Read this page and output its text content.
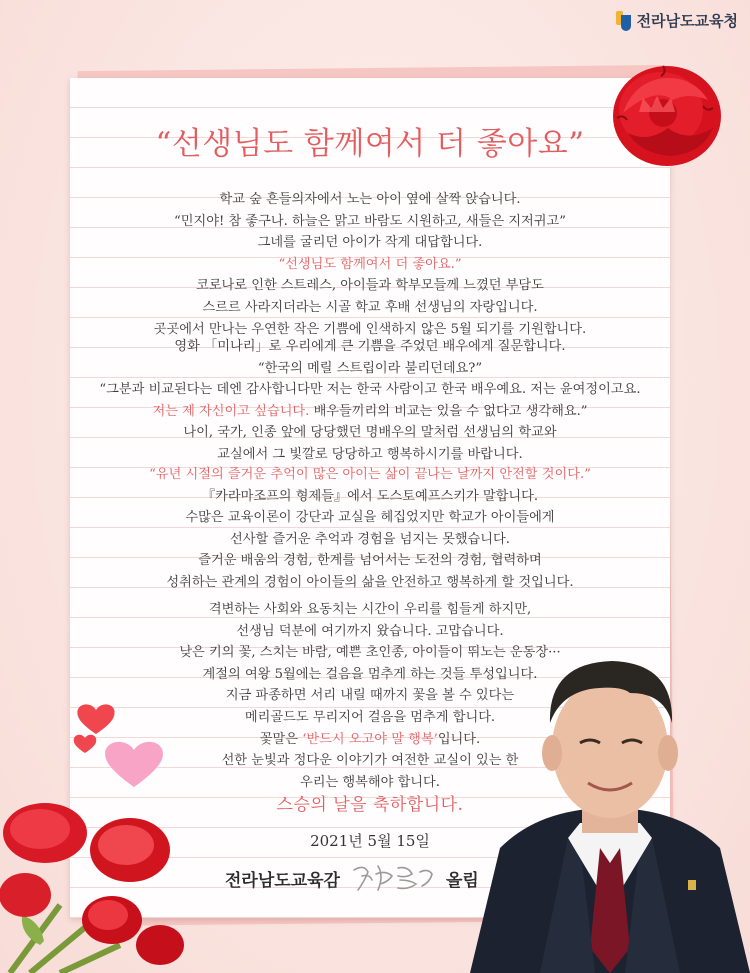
전라남도교육청
“선생님도 함께여서 더 좋아요”
학교 숲 흔들의자에서 노는 아이 옆에 살짝 앉습니다.
“민지야! 참 좋구나. 하늘은 맑고 바람도 시원하고, 새들은 지저귀고”
그네를 굴리던 아이가 작게 대답합니다.
“선생님도 함께여서 더 좋아요.”
코로나로 인한 스트레스, 아이들과 학부모들께 느꼈던 부담도
스르르 사라지더라는 시골 학교 후배 선생님의 자랑입니다.
곳곳에서 만나는 우연한 작은 기쁨에 인색하지 않은 5월 되기를 기원합니다.
영화 「미나리」로 우리에게 큰 기쁨을 주었던 배우에게 질문합니다.
“한국의 메릴 스트립이라 불리던데요?”
“그분과 비교된다는 데엔 감사합니다만 저는 한국 사람이고 한국 배우예요. 저는 윤여정이고요.
저는 제 자신이고 싶습니다. 배우들끼리의 비교는 있을 수 없다고 생각해요.”
나이, 국가, 인종 앞에 당당했던 명배우의 말처럼 선생님의 학교와
교실에서 그 빛깔로 당당하고 행복하시기를 바랍니다.
“유년 시절의 즐거운 추억이 많은 아이는 삶이 끝나는 날까지 안전할 것이다.”
『카라마조프의 형제들』에서 도스토예프스키가 말합니다.
수많은 교육이론이 강단과 교실을 헤집었지만 학교가 아이들에게
선사할 즐거운 추억과 경험을 넘지는 못했습니다.
즐거운 배움의 경험, 한계를 넘어서는 도전의 경험, 협력하며
성취하는 관계의 경험이 아이들의 삶을 안전하고 행복하게 할 것입니다.
격변하는 사회와 요동치는 시간이 우리를 힘들게 하지만,
선생님 덕분에 여기까지 왔습니다. 고맙습니다.
낮은 키의 꽃, 스치는 바람, 예쁜 초인종, 아이들이 뛰노는 운동장···
계절의 여왕 5월에는 걸음을 멈추게 하는 것들 투성입니다.
지금 파종하면 서리 내릴 때까지 꽃을 볼 수 있다는
메리골드도 무리지어 걸음을 멈추게 합니다.
꽃말은 ‘반드시 오고야 말 행복’입니다.
선한 눈빛과 정다운 이야기가 여전한 교실이 있는 한
우리는 행복해야 합니다.
스승의 날을 축하합니다.
2021년 5월 15일
전라남도교육감	올림
